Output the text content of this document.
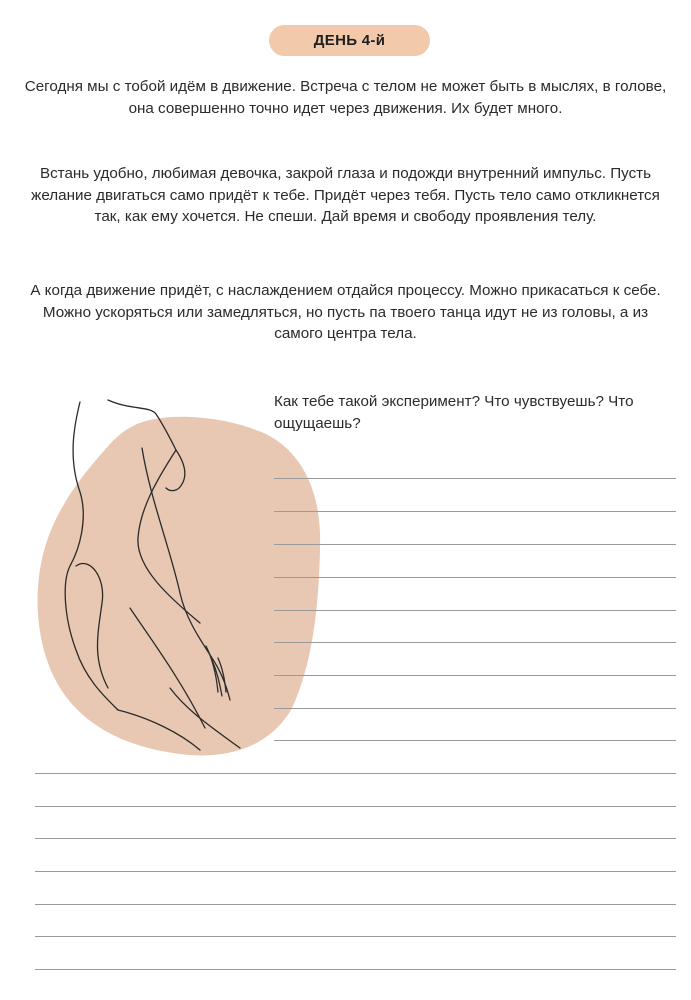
ДЕНЬ 4-й

Сегодня мы с тобой идём в движение. Встреча с телом не может быть в мыслях, в голове, она совершенно точно идет через движения. Их будет много.

Встань удобно, любимая девочка, закрой глаза и подожди внутренний импульс. Пусть желание двигаться само придёт к тебе. Придёт через тебя. Пусть тело само откликнется так, как ему хочется. Не спеши. Дай время и свободу проявления телу.

А когда движение придёт, с наслаждением отдайся процессу. Можно прикасаться к себе. Можно ускоряться или замедляться, но пусть па твоего танца идут не из головы, а из самого центра тела.

Как тебе такой эксперимент? Что чувствуешь? Что ощущаешь?
